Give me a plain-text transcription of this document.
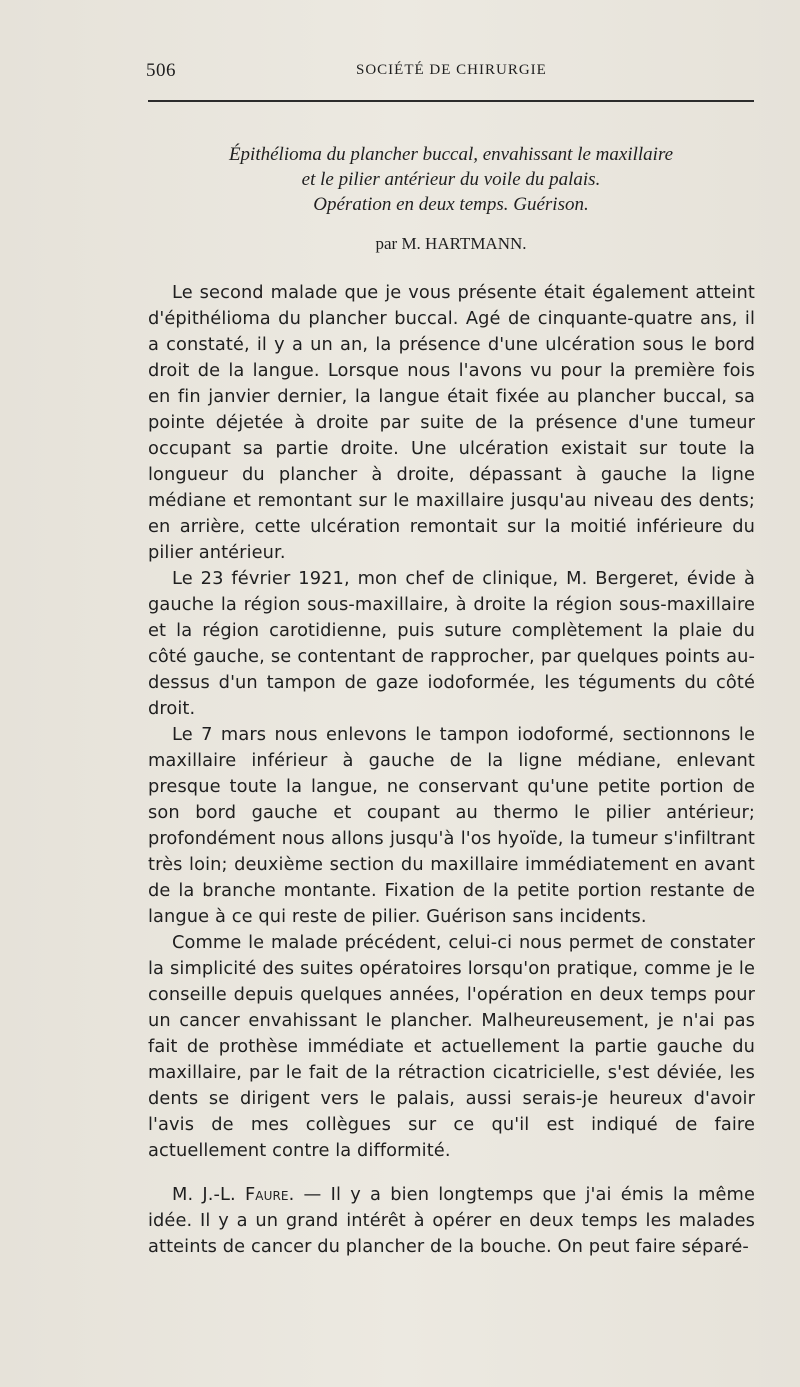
506	SOCIÉTÉ DE CHIRURGIE
Épithélioma du plancher buccal, envahissant le maxillaire
et le pilier antérieur du voile du palais.
Opération en deux temps. Guérison.
par M. HARTMANN.

Le second malade que je vous présente était également atteint d'épithélioma du plancher buccal. Agé de cinquante-quatre ans, il a constaté, il y a un an, la présence d'une ulcération sous le bord droit de la langue. Lorsque nous l'avons vu pour la première fois en fin janvier dernier, la langue était fixée au plancher buccal, sa pointe déjetée à droite par suite de la présence d'une tumeur occupant sa partie droite. Une ulcération existait sur toute la longueur du plancher à droite, dépassant à gauche la ligne médiane et remontant sur le maxillaire jusqu'au niveau des dents; en arrière, cette ulcération remontait sur la moitié inférieure du pilier antérieur.

Le 23 février 1921, mon chef de clinique, M. Bergeret, évide à gauche la région sous-maxillaire, à droite la région sous-maxillaire et la région carotidienne, puis suture complètement la plaie du côté gauche, se contentant de rapprocher, par quelques points au-dessus d'un tampon de gaze iodoformée, les téguments du côté droit.

Le 7 mars nous enlevons le tampon iodoformé, sectionnons le maxillaire inférieur à gauche de la ligne médiane, enlevant presque toute la langue, ne conservant qu'une petite portion de son bord gauche et coupant au thermo le pilier antérieur; profondément nous allons jusqu'à l'os hyoïde, la tumeur s'infiltrant très loin; deuxième section du maxillaire immédiatement en avant de la branche montante. Fixation de la petite portion restante de langue à ce qui reste de pilier. Guérison sans incidents.

Comme le malade précédent, celui-ci nous permet de constater la simplicité des suites opératoires lorsqu'on pratique, comme je le conseille depuis quelques années, l'opération en deux temps pour un cancer envahissant le plancher. Malheureusement, je n'ai pas fait de prothèse immédiate et actuellement la partie gauche du maxillaire, par le fait de la rétraction cicatricielle, s'est déviée, les dents se dirigent vers le palais, aussi serais-je heureux d'avoir l'avis de mes collègues sur ce qu'il est indiqué de faire actuellement contre la difformité.

M. J.-L. Faure. — Il y a bien longtemps que j'ai émis la même idée. Il y a un grand intérêt à opérer en deux temps les malades atteints de cancer du plancher de la bouche. On peut faire séparé-
